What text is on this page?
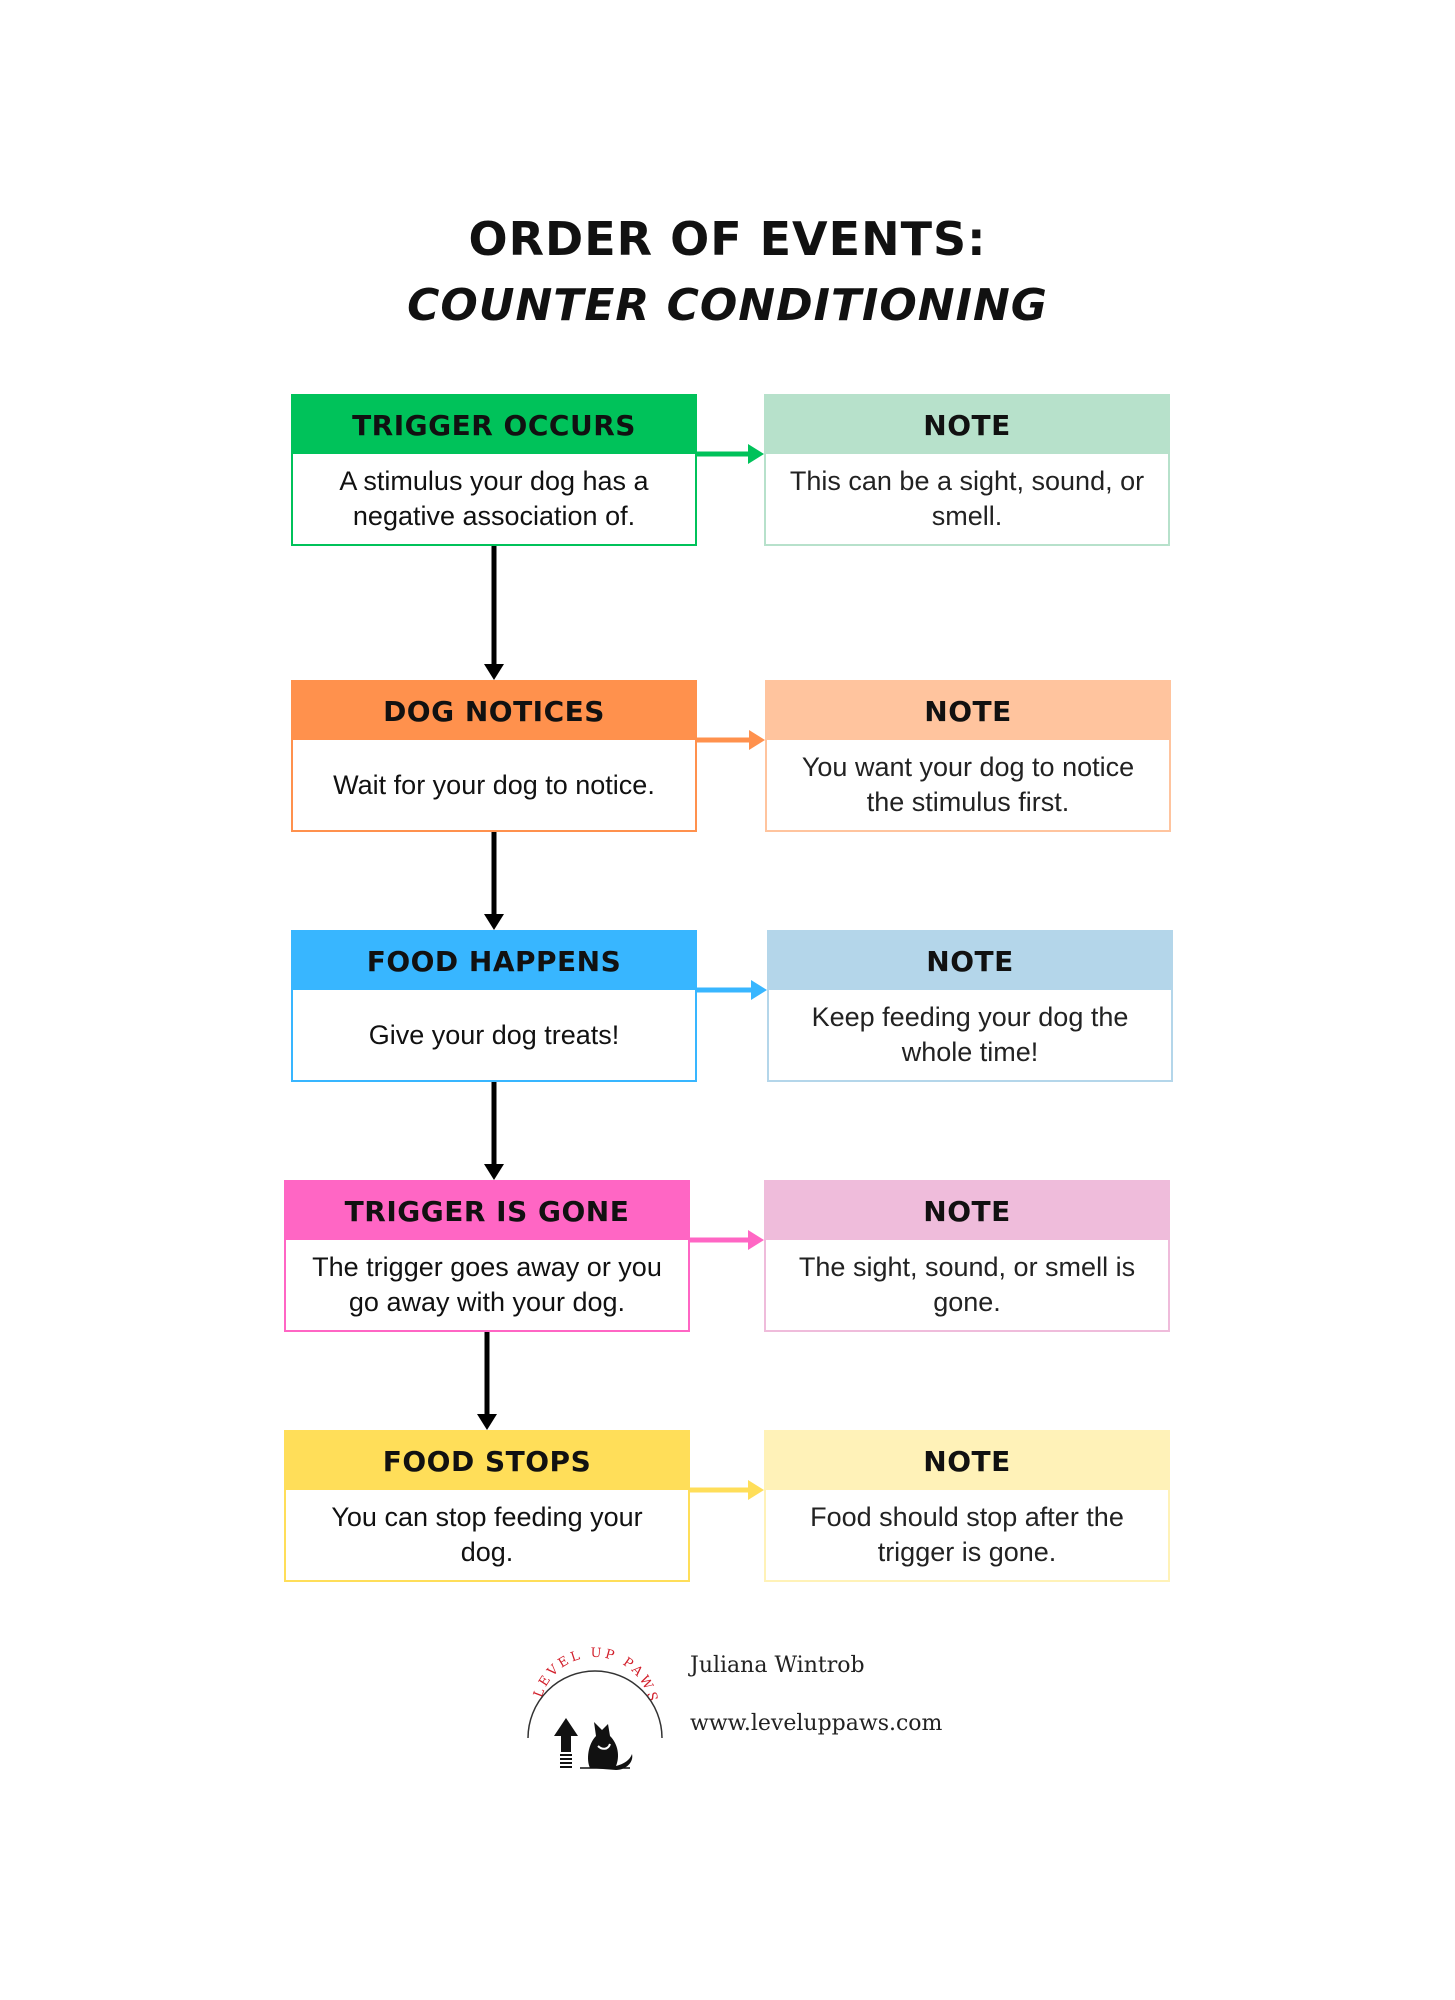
ORDER OF EVENTS:
COUNTER CONDITIONING
TRIGGER OCCURS
A stimulus your dog has a negative association of.
NOTE
This can be a sight, sound, or smell.
DOG NOTICES
Wait for your dog to notice.
NOTE
You want your dog to notice the stimulus first.
FOOD HAPPENS
Give your dog treats!
NOTE
Keep feeding your dog the whole time!
TRIGGER IS GONE
The trigger goes away or you go away with your dog.
NOTE
The sight, sound, or smell is gone.
FOOD STOPS
You can stop feeding your dog.
NOTE
Food should stop after the trigger is gone.
LEVEL UP PAWS
Juliana Wintrob
www.leveluppaws.com
